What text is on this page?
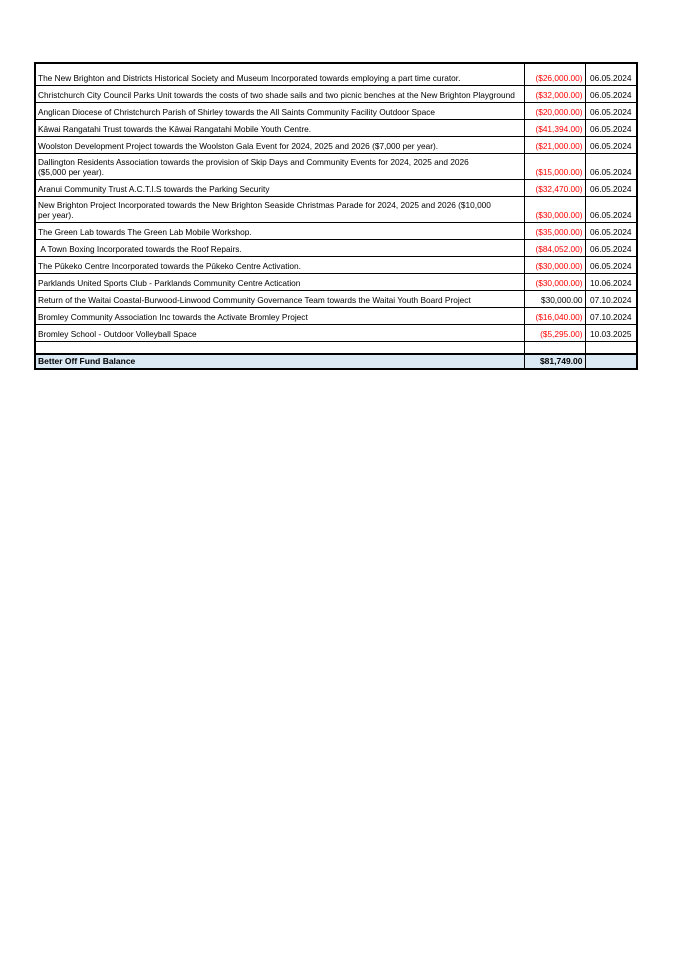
The New Brighton and Districts Historical Society and Museum Incorporated towards employing a part time curator.	($26,000.00)	06.05.2024
Christchurch City Council Parks Unit towards the costs of two shade sails and two picnic benches at the New Brighton Playground	($32,000.00)	06.05.2024
Anglican Diocese of Christchurch Parish of Shirley towards the All Saints Community Facility Outdoor Space	($20,000.00)	06.05.2024
Kāwai Rangatahi Trust towards the Kāwai Rangatahi Mobile Youth Centre.	($41,394.00)	06.05.2024
Woolston Development Project towards the Woolston Gala Event for 2024, 2025 and 2026 ($7,000 per year).	($21,000.00)	06.05.2024
Dallington Residents Association towards the provision of Skip Days and Community Events for 2024, 2025 and 2026
($5,000 per year).	($15,000.00)	06.05.2024
Aranui Community Trust A.C.T.I.S towards the Parking Security	($32,470.00)	06.05.2024
New Brighton Project Incorporated towards the New Brighton Seaside Christmas Parade for 2024, 2025 and 2026 ($10,000
per year).	($30,000.00)	06.05.2024
The Green Lab towards The Green Lab Mobile Workshop.	($35,000.00)	06.05.2024
A Town Boxing Incorporated towards the Roof Repairs.	($84,052.00)	06.05.2024
The Pūkeko Centre Incorporated towards the Pūkeko Centre Activation.	($30,000.00)	06.05.2024
Parklands United Sports Club - Parklands Community Centre Actication	($30,000.00)	10.06.2024
Return of the Waitai Coastal-Burwood-Linwood Community Governance Team towards the Waitai Youth Board Project	$30,000.00	07.10.2024
Bromley Community Association Inc towards the Activate Bromley Project	($16,040.00)	07.10.2024
Bromley School - Outdoor Volleyball Space	($5,295.00)	10.03.2025

Better Off Fund Balance	$81,749.00	
